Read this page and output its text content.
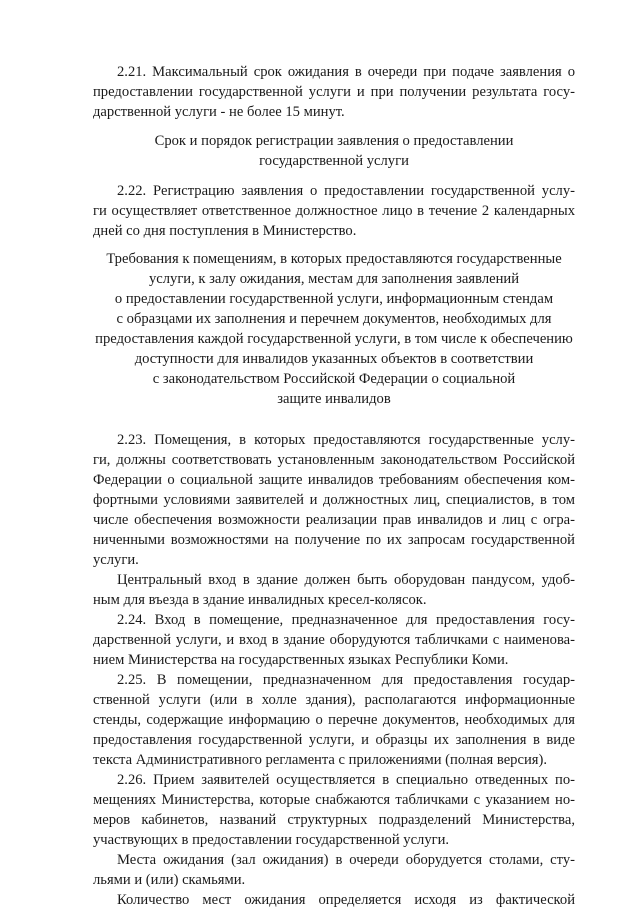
2.21. Максимальный срок ожидания в очереди при подаче заявления о
предоставлении государственной услуги и при получении результата госу-
дарственной услуги - не более 15 минут.
Срок и порядок регистрации заявления о предоставлении
государственной услуги
2.22. Регистрацию заявления о предоставлении государственной услу-
ги осуществляет ответственное должностное лицо в течение 2 календарных
дней со дня поступления в Министерство.
Требования к помещениям, в которых предоставляются государственные
услуги, к залу ожидания, местам для заполнения заявлений
о предоставлении государственной услуги, информационным стендам
с образцами их заполнения и перечнем документов, необходимых для
предоставления каждой государственной услуги, в том числе к обеспечению
доступности для инвалидов указанных объектов в соответствии
с законодательством Российской Федерации о социальной
защите инвалидов
2.23. Помещения, в которых предоставляются государственные услу-
ги, должны соответствовать установленным законодательством Российской
Федерации о социальной защите инвалидов требованиям обеспечения ком-
фортными условиями заявителей и должностных лиц, специалистов, в том
числе обеспечения возможности реализации прав инвалидов и лиц с огра-
ниченными возможностями на получение по их запросам государственной
услуги.
Центральный вход в здание должен быть оборудован пандусом, удоб-
ным для въезда в здание инвалидных кресел-колясок.
2.24. Вход в помещение, предназначенное для предоставления госу-
дарственной услуги, и вход в здание оборудуются табличками с наименова-
нием Министерства на государственных языках Республики Коми.
2.25. В помещении, предназначенном для предоставления государ-
ственной услуги (или в холле здания), располагаются информационные
стенды, содержащие информацию о перечне документов, необходимых для
предоставления государственной услуги, и образцы их заполнения в виде
текста Административного регламента с приложениями (полная версия).
2.26. Прием заявителей осуществляется в специально отведенных по-
мещениях Министерства, которые снабжаются табличками с указанием но-
меров кабинетов, названий структурных подразделений Министерства,
участвующих в предоставлении государственной услуги.
Места ожидания (зал ожидания) в очереди оборудуется столами, сту-
льями и (или) скамьями.
Количество мест ожидания определяется исходя из фактической
